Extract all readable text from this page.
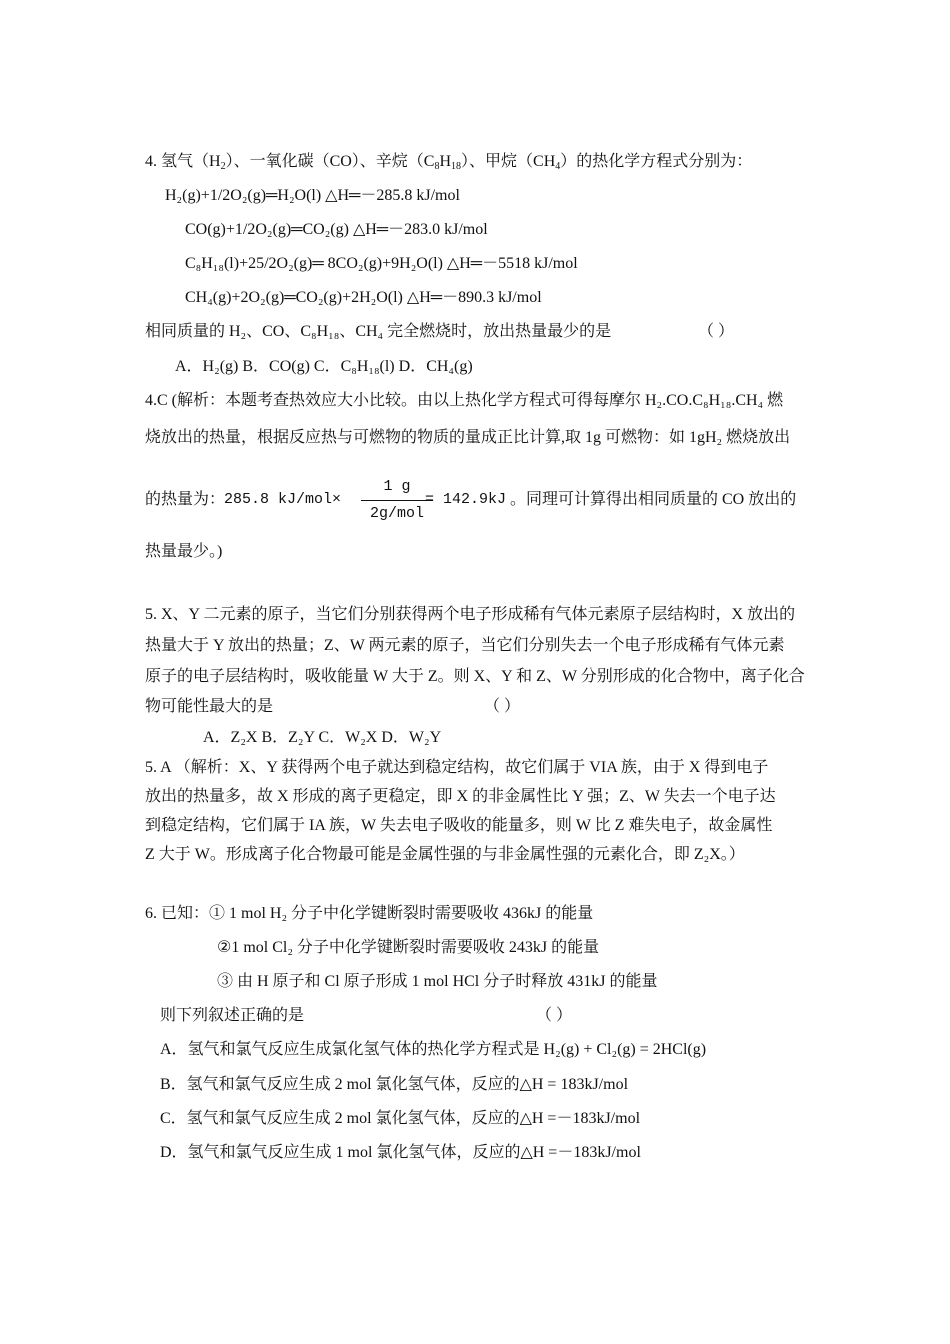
4. 氢气$(H_2)$、一氧化碳（CO）、辛烷$(C_8H_{18})$、甲烷$(CH_4)$的热化学方程式分别为：
H₂(g)+1/2O₂(g)═H₂O(l) △H═－285.8 kJ/mol
CO(g)+1/2O₂(g)═CO₂(g) △H═－283.0 kJ/mol
C₈H₁₈(l)+25/2O₂(g)═ 8CO₂(g)+9H₂O(l) △H═－5518 kJ/mol
CH₄(g)+2O₂(g)═CO₂(g)+2H₂O(l) △H═－890.3 kJ/mol
相同质量的 H₂、CO、C₈H₁₈、CH₄ 完全燃烧时，放出热量最少的是	（ ）
A．H₂(g) B．CO(g) C．C₈H₁₈(l) D．CH₄(g)
4.C (解析：本题考查热效应大小比较。由以上热化学方程式可得每摩尔 H₂.CO.C₈H₁₈.CH₄ 燃
烧放出的热量，根据反应热与可燃物的物质的量成正比计算,取 1g 可燃物：如 1gH₂ 燃烧放出
的热量为：
285.8 kJ/mol×
1 g
2g/mol
= 142.9kJ 。同理可计算得出相同质量的 CO 放出的
热量最少。)
5. X、Y 二元素的原子，当它们分别获得两个电子形成稀有气体元素原子层结构时，X 放出的
热量大于 Y 放出的热量；Z、W 两元素的原子，当它们分别失去一个电子形成稀有气体元素
原子的电子层结构时，吸收能量 W 大于 Z。则 X、Y 和 Z、W 分别形成的化合物中，离子化合
物可能性最大的是	（ ）
A．Z₂X B．Z₂Y C．W₂X D．W₂Y
5. A （解析：X、Y 获得两个电子就达到稳定结构，故它们属于 VIA 族，由于 X 得到电子
放出的热量多，故 X 形成的离子更稳定，即 X 的非金属性比 Y 强；Z、W 失去一个电子达
到稳定结构，它们属于 IA 族，W 失去电子吸收的能量多，则 W 比 Z 难失电子，故金属性
Z 大于 W。形成离子化合物最可能是金属性强的与非金属性强的元素化合，即 Z₂X。）
6. 已知：① 1 mol H₂ 分子中化学键断裂时需要吸收 436kJ 的能量
②1 mol Cl₂ 分子中化学键断裂时需要吸收 243kJ 的能量
③ 由 H 原子和 Cl 原子形成 1 mol HCl 分子时释放 431kJ 的能量
则下列叙述正确的是	（ ）
A．氢气和氯气反应生成氯化氢气体的热化学方程式是 H₂(g) + Cl₂(g) = 2HCl(g)
B．氢气和氯气反应生成 2 mol 氯化氢气体，反应的△H = 183kJ/mol
C．氢气和氯气反应生成 2 mol 氯化氢气体，反应的△H =－183kJ/mol
D．氢气和氯气反应生成 1 mol 氯化氢气体，反应的△H =－183kJ/mol
